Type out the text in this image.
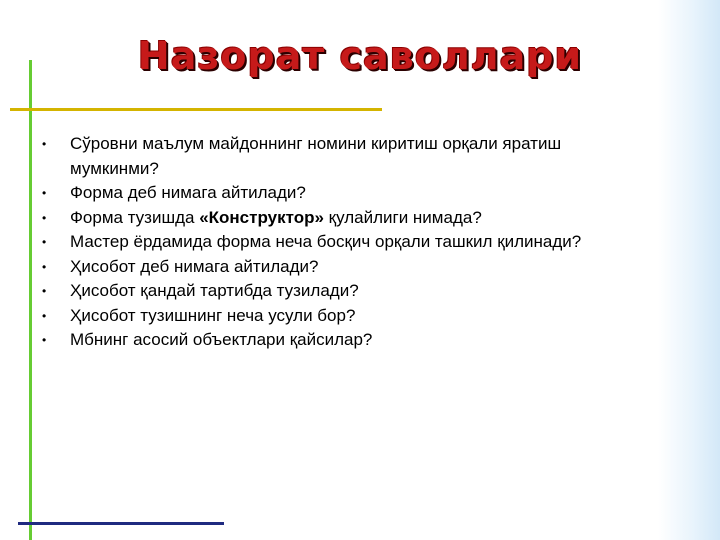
Назорат саволлари
• Сўровни маълум майдоннинг номини киритиш орқали яратиш мумкинми?
• Форма деб нимага айтилади?
• Форма тузишда «Конструктор» қулайлиги нимада?
• Мастер ёрдамида форма неча босқич орқали ташкил қилинади?
• Ҳисобот деб нимага айтилади?
• Ҳисобот қандай тартибда тузилади?
• Ҳисобот тузишнинг неча усули бор?
• Мбнинг асосий объектлари қайсилар?
